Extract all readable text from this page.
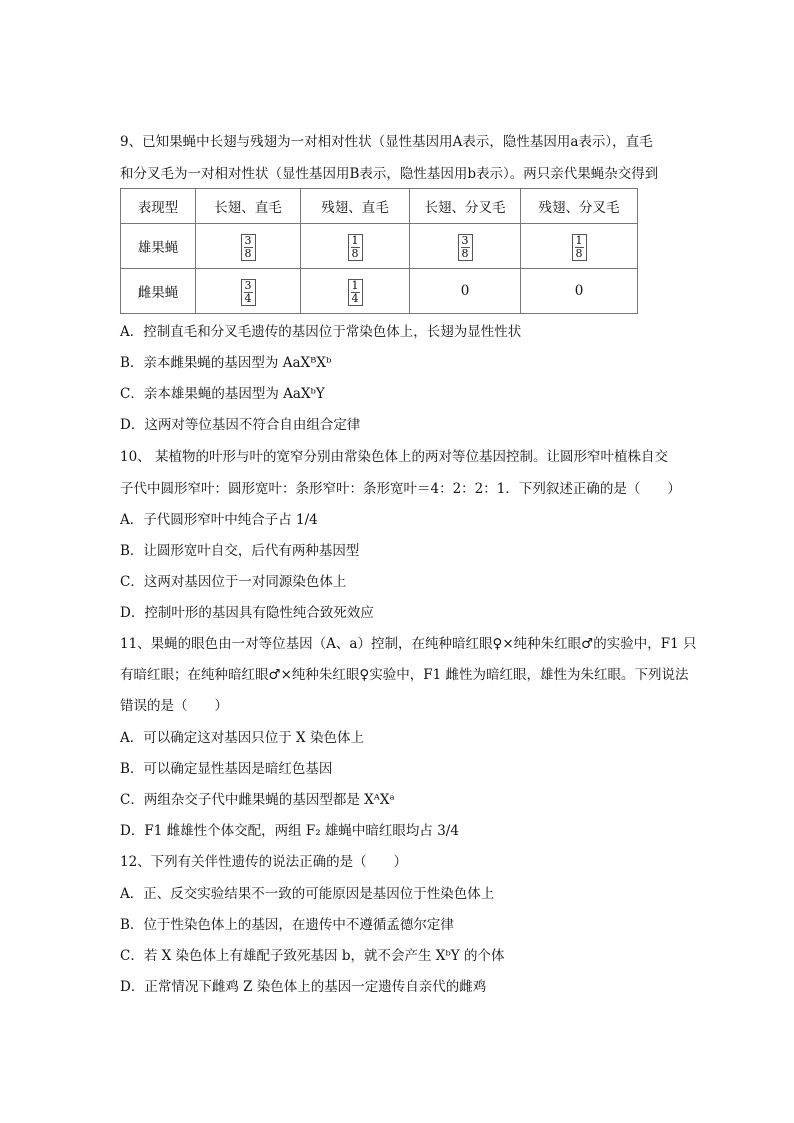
9、已知果蝇中长翅与残翅为一对相对性状（显性基因用A表示，隐性基因用a表示），直毛
和分叉毛为一对相对性状（显性基因用B表示，隐性基因用b表示）。两只亲代果蝇杂交得到
表现型	长翅、直毛	残翅、直毛	长翅、分叉毛	残翅、分叉毛
雄果蝇	$\frac{3}{8}$	$\frac{1}{8}$	$\frac{3}{8}$	$\frac{1}{8}$

雌果蝇	$\frac{3}{4}$	$\frac{1}{4}$	0	0
A．控制直毛和分叉毛遗传的基因位于常染色体上，长翅为显性性状
B．亲本雌果蝇的基因型为 AaXᴮXᵇ
C．亲本雄果蝇的基因型为 AaXᵇY
D．这两对等位基因不符合自由组合定律
10、 某植物的叶形与叶的宽窄分别由常染色体上的两对等位基因控制。让圆形窄叶植株自交
子代中圆形窄叶：圆形宽叶：条形窄叶：条形宽叶＝4：2：2：1．下列叙述正确的是（　　）
A．子代圆形窄叶中纯合子占 1/4
B．让圆形宽叶自交，后代有两种基因型
C．这两对基因位于一对同源染色体上
D．控制叶形的基因具有隐性纯合致死效应
11、果蝇的眼色由一对等位基因（A、a）控制，在纯种暗红眼♀×纯种朱红眼♂的实验中，F1 只
有暗红眼；在纯种暗红眼♂×纯种朱红眼♀实验中，F1 雌性为暗红眼，雄性为朱红眼。下列说法
错误的是（　　）
A．可以确定这对基因只位于 X 染色体上
B．可以确定显性基因是暗红色基因
C．两组杂交子代中雌果蝇的基因型都是 XᴬXᵃ
D．F1 雌雄性个体交配，两组 F₂ 雄蝇中暗红眼均占 3/4
12、下列有关伴性遗传的说法正确的是（　　）
A．正、反交实验结果不一致的可能原因是基因位于性染色体上
B．位于性染色体上的基因，在遗传中不遵循孟德尔定律
C．若 X 染色体上有雄配子致死基因 b，就不会产生 XᵇY 的个体
D．正常情况下雌鸡 Z 染色体上的基因一定遗传自亲代的雌鸡
